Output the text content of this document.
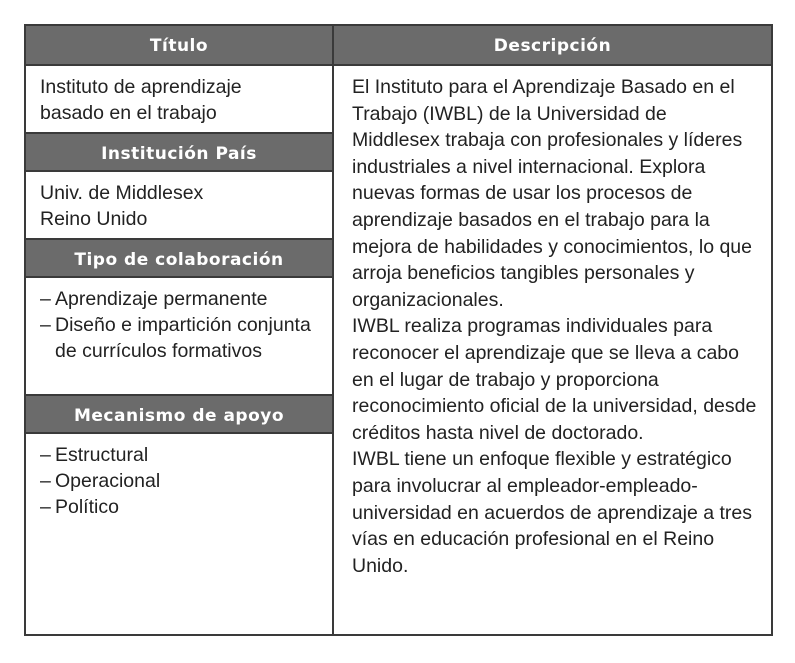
Título
Instituto de aprendizaje
basado en el trabajo
Institución País
Univ. de Middlesex
Reino Unido
Tipo de colaboración
– Aprendizaje permanente
– Diseño e impartición conjunta de currículos formativos
Mecanismo de apoyo
– Estructural
– Operacional
– Político
Descripción

El Instituto para el Aprendizaje Basado en el Trabajo (IWBL) de la Universidad de Middlesex trabaja con profesionales y líderes industriales a nivel internacional. Explora nuevas formas de usar los procesos de aprendizaje basados en el trabajo para la mejora de habilidades y conocimientos, lo que arroja beneficios tangibles personales y organizacionales.

IWBL realiza programas individuales para reconocer el aprendizaje que se lleva a cabo en el lugar de trabajo y proporciona reconocimiento oficial de la universidad, desde créditos hasta nivel de doctorado.

IWBL tiene un enfoque flexible y estratégico para involucrar al empleador-empleado-universidad en acuerdos de aprendizaje a tres vías en educación profesional en el Reino Unido.
